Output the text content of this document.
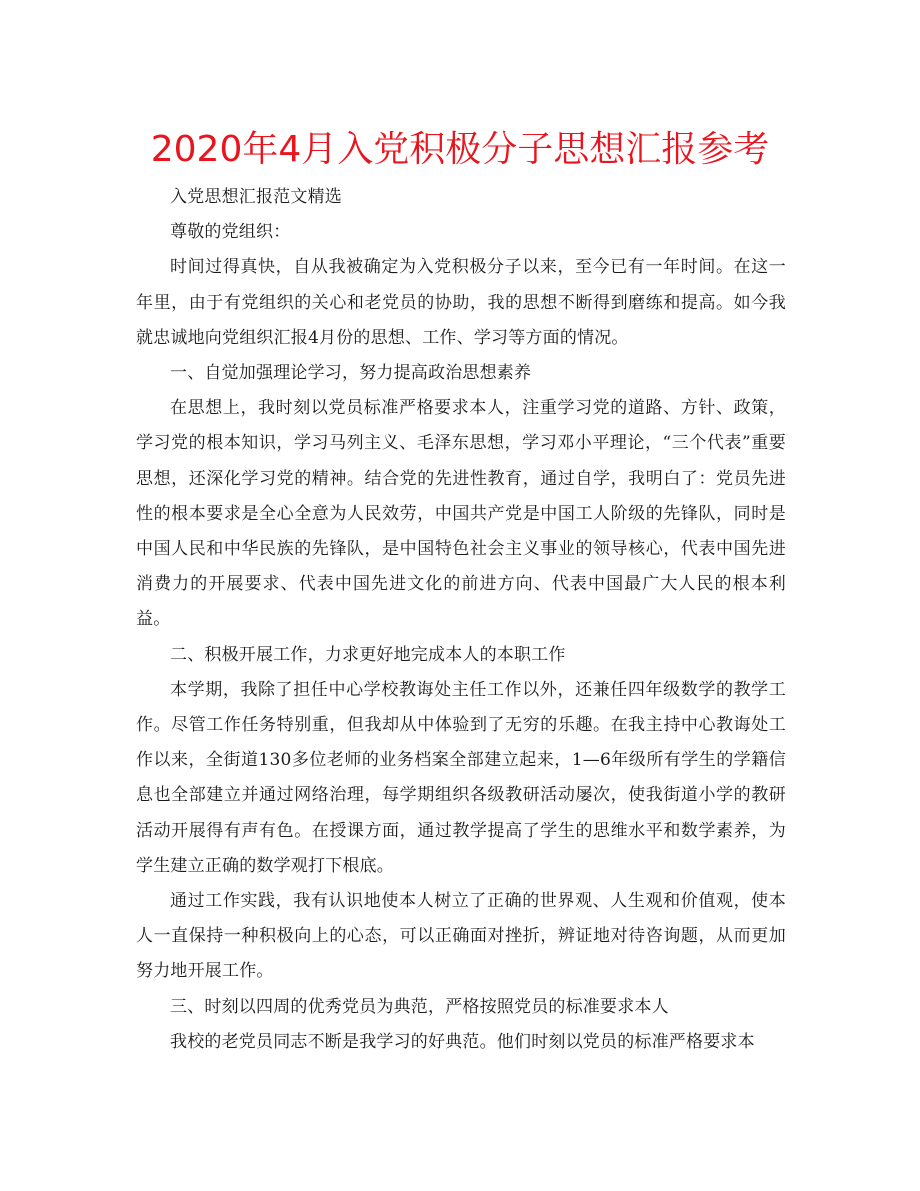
2020年4月入党积极分子思想汇报参考

入党思想汇报范文精选

尊敬的党组织：

时间过得真快，自从我被确定为入党积极分子以来，至今已有一年时间。在这一年里，由于有党组织的关心和老党员的协助，我的思想不断得到磨练和提高。如今我就忠诚地向党组织汇报4月份的思想、工作、学习等方面的情况。

一、自觉加强理论学习，努力提高政治思想素养

在思想上，我时刻以党员标准严格要求本人，注重学习党的道路、方针、政策，学习党的根本知识，学习马列主义、毛泽东思想，学习邓小平理论，“三个代表”重要思想，还深化学习党的精神。结合党的先进性教育，通过自学，我明白了：党员先进性的根本要求是全心全意为人民效劳，中国共产党是中国工人阶级的先锋队，同时是中国人民和中华民族的先锋队，是中国特色社会主义事业的领导核心，代表中国先进消费力的开展要求、代表中国先进文化的前进方向、代表中国最广大人民的根本利益。

二、积极开展工作，力求更好地完成本人的本职工作

本学期，我除了担任中心学校教诲处主任工作以外，还兼任四年级数学的教学工作。尽管工作任务特别重，但我却从中体验到了无穷的乐趣。在我主持中心教诲处工作以来，全街道130多位老师的业务档案全部建立起来，1—6年级所有学生的学籍信息也全部建立并通过网络治理，每学期组织各级教研活动屡次，使我街道小学的教研活动开展得有声有色。在授课方面，通过教学提高了学生的思维水平和数学素养，为学生建立正确的数学观打下根底。

通过工作实践，我有认识地使本人树立了正确的世界观、人生观和价值观，使本人一直保持一种积极向上的心态，可以正确面对挫折，辨证地对待咨询题，从而更加努力地开展工作。

三、时刻以四周的优秀党员为典范，严格按照党员的标准要求本人

我校的老党员同志不断是我学习的好典范。他们时刻以党员的标准严格要求本
